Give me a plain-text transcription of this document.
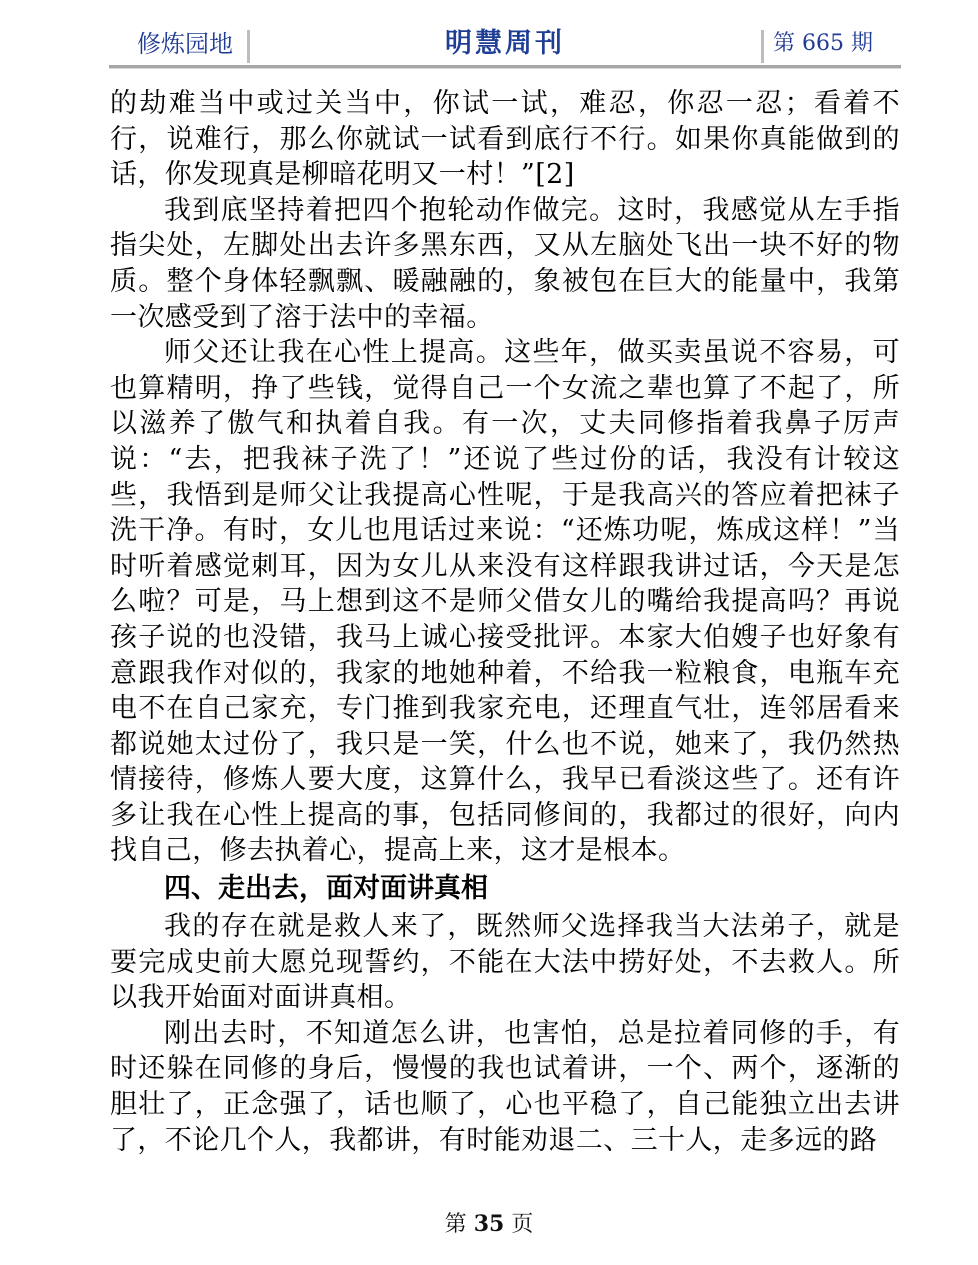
修炼园地	明慧周刊	第 665 期

的劫难当中或过关当中，你试一试，难忍，你忍一忍；看着不行，说难行，那么你就试一试看到底行不行。如果你真能做到的话，你发现真是柳暗花明又一村！”[2]

我到底坚持着把四个抱轮动作做完。这时，我感觉从左手指指尖处，左脚处出去许多黑东西，又从左脑处飞出一块不好的物质。整个身体轻飘飘、暖融融的，象被包在巨大的能量中，我第一次感受到了溶于法中的幸福。

师父还让我在心性上提高。这些年，做买卖虽说不容易，可也算精明，挣了些钱，觉得自己一个女流之辈也算了不起了，所以滋养了傲气和执着自我。有一次，丈夫同修指着我鼻子厉声说：“去，把我袜子洗了！”还说了些过份的话，我没有计较这些，我悟到是师父让我提高心性呢，于是我高兴的答应着把袜子洗干净。有时，女儿也甩话过来说：“还炼功呢，炼成这样！”当时听着感觉刺耳，因为女儿从来没有这样跟我讲过话，今天是怎么啦？可是，马上想到这不是师父借女儿的嘴给我提高吗？再说孩子说的也没错，我马上诚心接受批评。本家大伯嫂子也好象有意跟我作对似的，我家的地她种着，不给我一粒粮食，电瓶车充电不在自己家充，专门推到我家充电，还理直气壮，连邻居看来都说她太过份了，我只是一笑，什么也不说，她来了，我仍然热情接待，修炼人要大度，这算什么，我早已看淡这些了。还有许多让我在心性上提高的事，包括同修间的，我都过的很好，向内找自己，修去执着心，提高上来，这才是根本。

四、走出去，面对面讲真相

我的存在就是救人来了，既然师父选择我当大法弟子，就是要完成史前大愿兑现誓约，不能在大法中捞好处，不去救人。所以我开始面对面讲真相。

刚出去时，不知道怎么讲，也害怕，总是拉着同修的手，有时还躲在同修的身后，慢慢的我也试着讲，一个、两个，逐渐的胆壮了，正念强了，话也顺了，心也平稳了，自己能独立出去讲了，不论几个人，我都讲，有时能劝退二、三十人，走多远的路

第 35 页
